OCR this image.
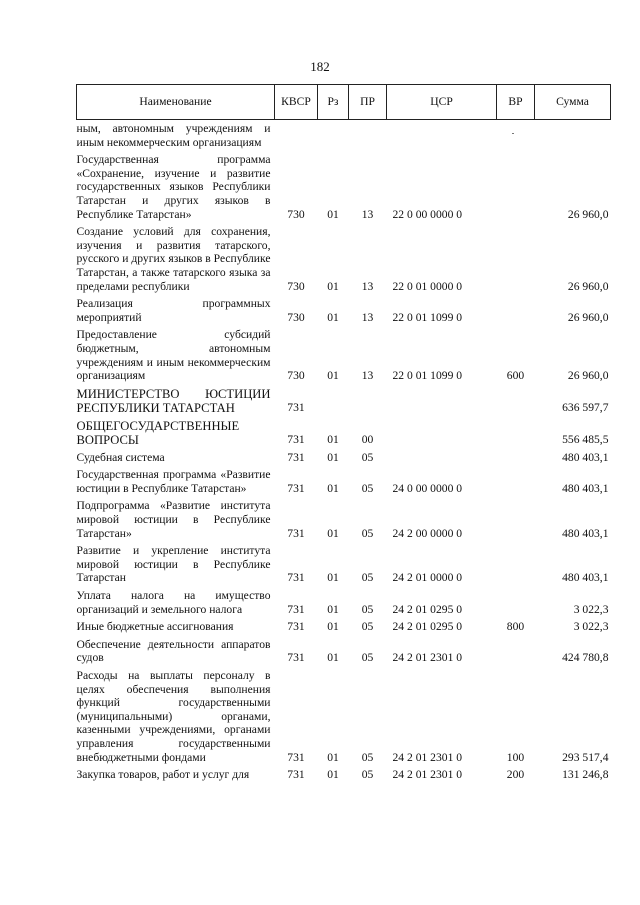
182
Наименование	КВСР	Рз	ПР	ЦСР	ВР	Сумма
ным, автономным учреждениям и иным некоммерческим организациям						
Государственная программа «Сохранение, изучение и развитие государственных языков Республики Татарстан и других языков в Республике Татарстан»	730	01	13	22 0 00 0000 0		26 960,0
Создание условий для сохранения, изучения и развития татарского, русского и других языков в Республике Татарстан, а также татарского языка за пределами республики	730	01	13	22 0 01 0000 0		26 960,0
Реализация программных мероприятий	730	01	13	22 0 01 1099 0		26 960,0
Предоставление субсидий бюджетным, автономным учреждениям и иным некоммерческим организациям	730	01	13	22 0 01 1099 0	600	26 960,0
МИНИСТЕРСТВО ЮСТИЦИИ РЕСПУБЛИКИ ТАТАРСТАН	731					636 597,7
ОБЩЕГОСУДАРСТВЕННЫЕ ВОПРОСЫ	731	01	00			556 485,5
Судебная система	731	01	05			480 403,1
Государственная программа «Развитие юстиции в Республике Татарстан»	731	01	05	24 0 00 0000 0		480 403,1
Подпрограмма «Развитие института мировой юстиции в Республике Татарстан»	731	01	05	24 2 00 0000 0		480 403,1
Развитие и укрепление института мировой юстиции в Республике Татарстан	731	01	05	24 2 01 0000 0		480 403,1
Уплата налога на имущество организаций и земельного налога	731	01	05	24 2 01 0295 0		3 022,3
Иные бюджетные ассигнования	731	01	05	24 2 01 0295 0	800	3 022,3
Обеспечение деятельности аппаратов судов	731	01	05	24 2 01 2301 0		424 780,8
Расходы на выплаты персоналу в целях обеспечения выполнения функций государственными (муниципальными) органами, казенными учреждениями, органами управления государственными внебюджетными фондами	731	01	05	24 2 01 2301 0	100	293 517,4
Закупка товаров, работ и услуг для	731	01	05	24 2 01 2301 0	200	131 246,8
